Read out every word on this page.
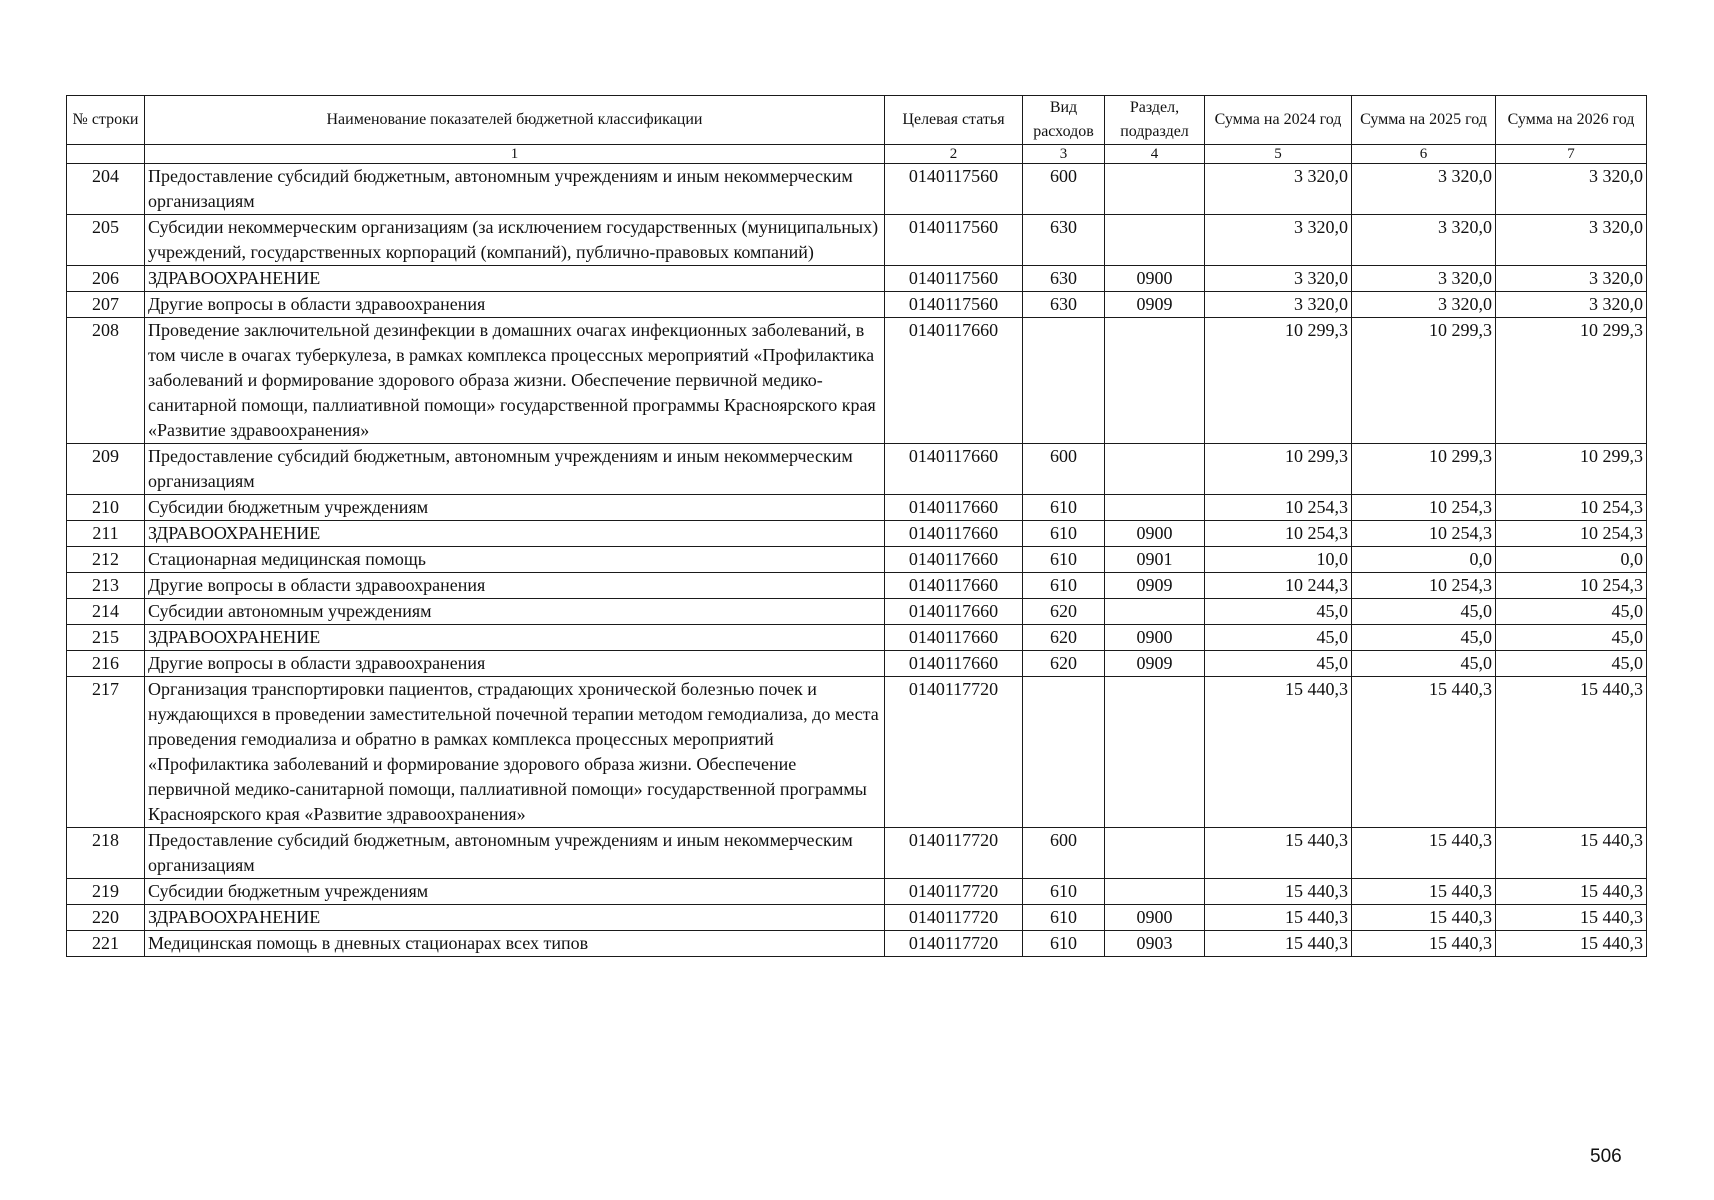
№ строки	Наименование показателей бюджетной классификации	Целевая статья	Вид расходов	Раздел, подраздел	Сумма на 2024 год	Сумма на 2025 год	Сумма на 2026 год
	1	2	3	4	5	6	7
204	Предоставление субсидий бюджетным, автономным учреждениям и иным некоммерческим организациям	0140117560	600		3 320,0	3 320,0	3 320,0
205	Субсидии некоммерческим организациям (за исключением государственных (муниципальных) учреждений, государственных корпораций (компаний), публично-правовых компаний)	0140117560	630		3 320,0	3 320,0	3 320,0
206	ЗДРАВООХРАНЕНИЕ	0140117560	630	0900	3 320,0	3 320,0	3 320,0
207	Другие вопросы в области здравоохранения	0140117560	630	0909	3 320,0	3 320,0	3 320,0
208	Проведение заключительной дезинфекции в домашних очагах инфекционных заболеваний, в том числе в очагах туберкулеза, в рамках комплекса процессных мероприятий «Профилактика заболеваний и формирование здорового образа жизни. Обеспечение первичной медико-санитарной помощи, паллиативной помощи» государственной программы Красноярского края «Развитие здравоохранения»	0140117660			10 299,3	10 299,3	10 299,3
209	Предоставление субсидий бюджетным, автономным учреждениям и иным некоммерческим организациям	0140117660	600		10 299,3	10 299,3	10 299,3
210	Субсидии бюджетным учреждениям	0140117660	610		10 254,3	10 254,3	10 254,3
211	ЗДРАВООХРАНЕНИЕ	0140117660	610	0900	10 254,3	10 254,3	10 254,3
212	Стационарная медицинская помощь	0140117660	610	0901	10,0	0,0	0,0
213	Другие вопросы в области здравоохранения	0140117660	610	0909	10 244,3	10 254,3	10 254,3
214	Субсидии автономным учреждениям	0140117660	620		45,0	45,0	45,0
215	ЗДРАВООХРАНЕНИЕ	0140117660	620	0900	45,0	45,0	45,0
216	Другие вопросы в области здравоохранения	0140117660	620	0909	45,0	45,0	45,0
217	Организация транспортировки пациентов, страдающих хронической болезнью почек и нуждающихся в проведении заместительной почечной терапии методом гемодиализа, до места проведения гемодиализа и обратно в рамках комплекса процессных мероприятий «Профилактика заболеваний и формирование здорового образа жизни. Обеспечение первичной медико-санитарной помощи, паллиативной помощи» государственной программы Красноярского края «Развитие здравоохранения»	0140117720			15 440,3	15 440,3	15 440,3
218	Предоставление субсидий бюджетным, автономным учреждениям и иным некоммерческим организациям	0140117720	600		15 440,3	15 440,3	15 440,3
219	Субсидии бюджетным учреждениям	0140117720	610		15 440,3	15 440,3	15 440,3
220	ЗДРАВООХРАНЕНИЕ	0140117720	610	0900	15 440,3	15 440,3	15 440,3
221	Медицинская помощь в дневных стационарах всех типов	0140117720	610	0903	15 440,3	15 440,3	15 440,3
506
